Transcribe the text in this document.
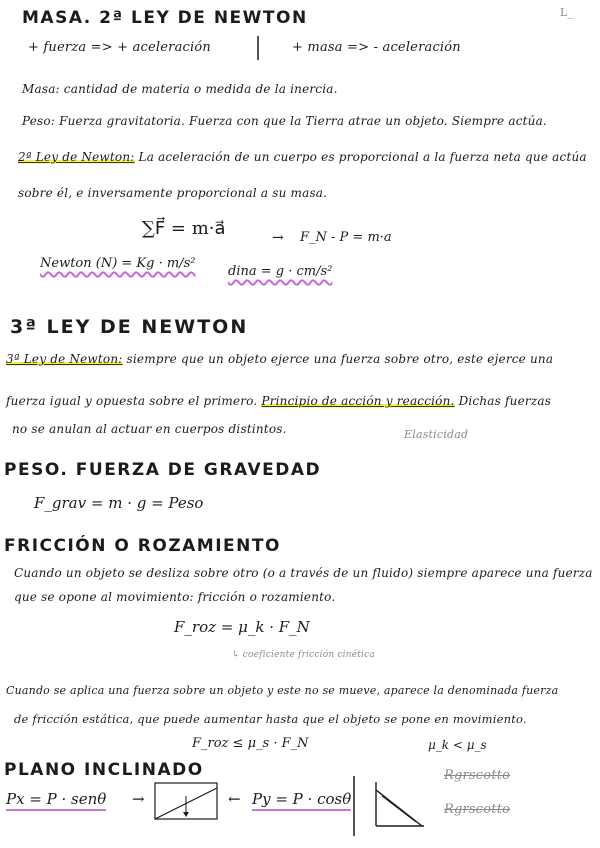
MASA. 2ª LEY DE NEWTON	L_
+ fuerza => + aceleración	+ masa => - aceleración
Masa: cantidad de materia o medida de la inercia.
Peso: Fuerza gravitatoria. Fuerza con que la Tierra atrae un objeto. Siempre actúa.
2ª Ley de Newton: La aceleración de un cuerpo es proporcional a la fuerza neta que actúa
sobre él, e inversamente proporcional a su masa.
∑F⃗ = m·a⃗	→ F_N - P = m·a
Newton (N) = Kg · m/s²
dina = g · cm/s²
3ª LEY DE NEWTON
3ª Ley de Newton: siempre que un objeto ejerce una fuerza sobre otro, este ejerce una
fuerza igual y opuesta sobre el primero. Principio de acción y reacción. Dichas fuerzas
no se anulan al actuar en cuerpos distintos.	Elasticidad
PESO. FUERZA DE GRAVEDAD
F_grav = m · g = Peso
FRICCIÓN O ROZAMIENTO
Cuando un objeto se desliza sobre otro (o a través de un fluido) siempre aparece una fuerza
que se opone al movimiento: fricción o rozamiento.
F_roz = μ_k · F_N
↳ coeficiente fricción cinética
Cuando se aplica una fuerza sobre un objeto y este no se mueve, aparece la denominada fuerza
de fricción estática, que puede aumentar hasta que el objeto se pone en movimiento.
F_roz ≤ μ_s · F_N	μ_k < μ_s
PLANO INCLINADO
Px = P · senθ →	← Py = P · cosθ
Rgrscotto
Rgrscotto
